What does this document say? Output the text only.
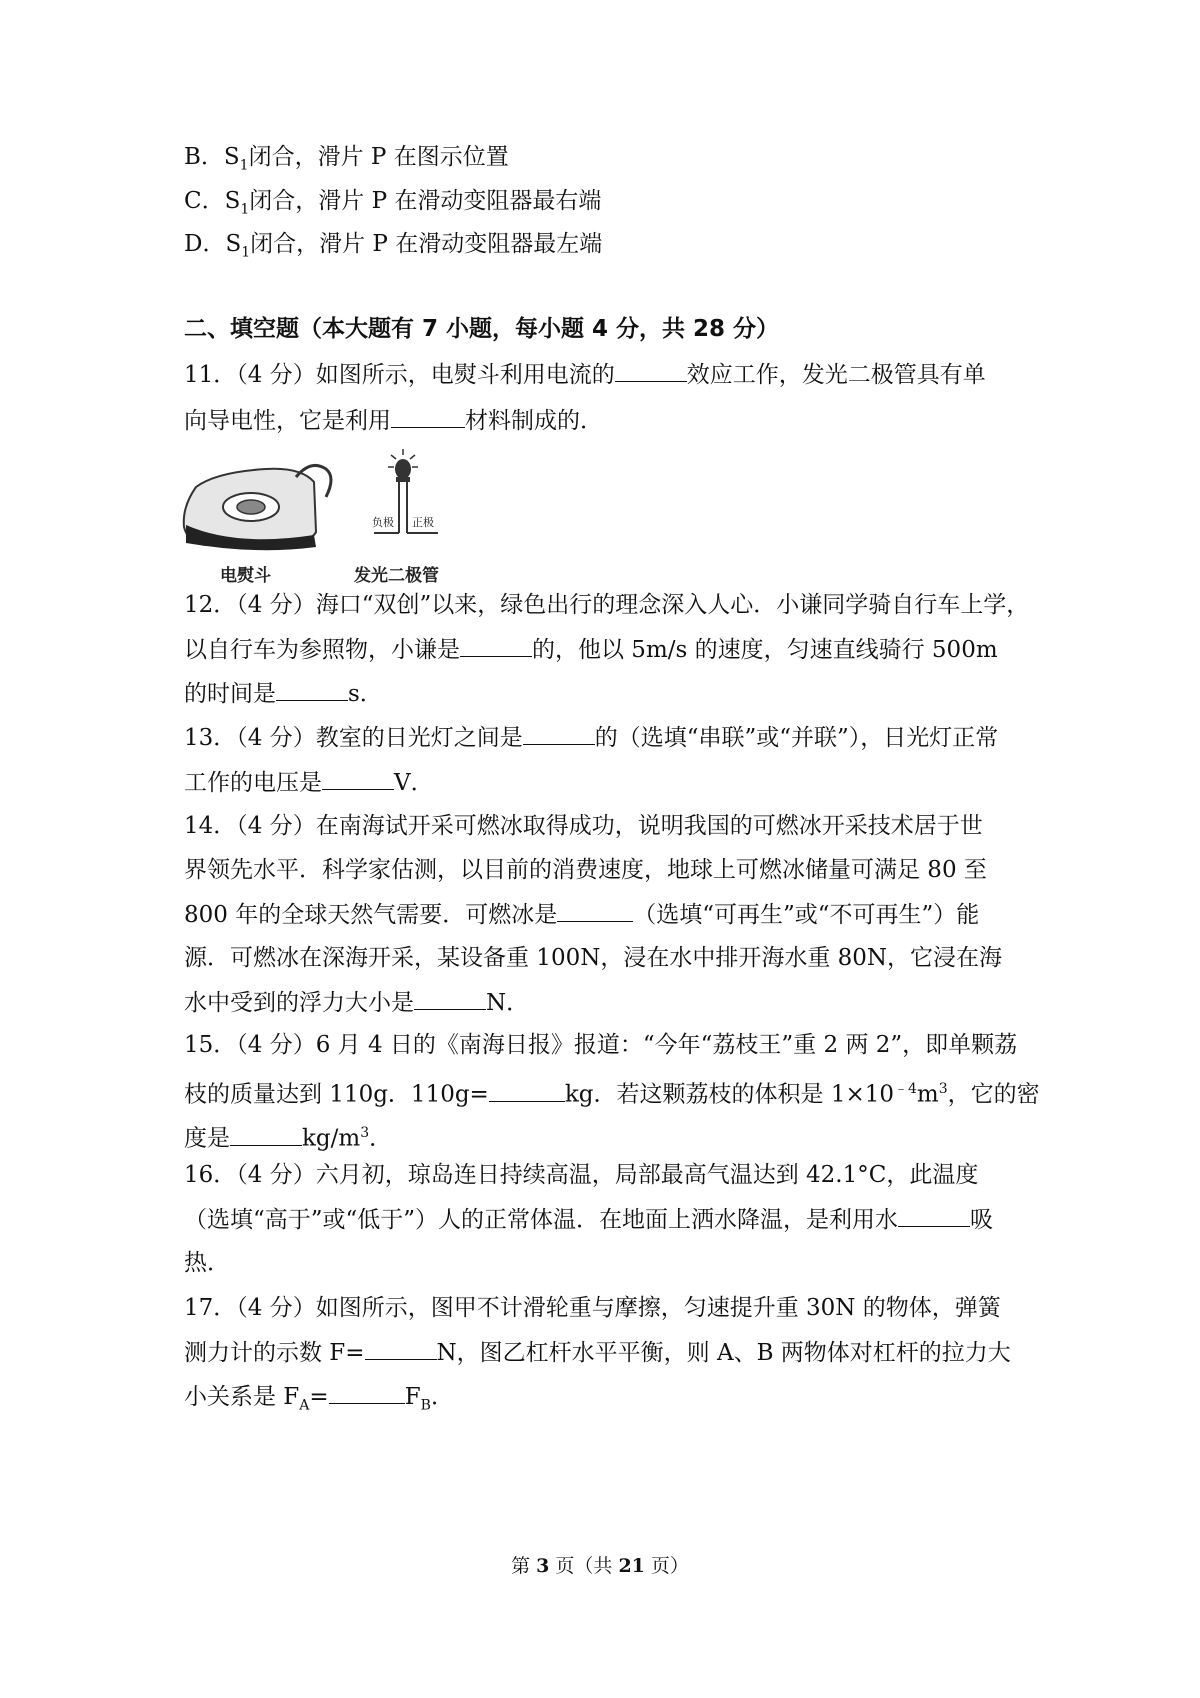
B．$S_1$闭合，滑片 P 在图示位置
C．$S_1$闭合，滑片 P 在滑动变阻器最右端
D．$S_1$闭合，滑片 P 在滑动变阻器最左端
二、填空题（本大题有 7 小题，每小题 4 分，共 28 分）
11．（4 分）如图所示，电熨斗利用电流的	效应工作，发光二极管具有单
向导电性，它是利用	材料制成的．
负极 正极
电熨斗	发光二极管
12．（4 分）海口“双创”以来，绿色出行的理念深入人心．小谦同学骑自行车上学，
以自行车为参照物，小谦是	的，他以 5m/s 的速度，匀速直线骑行 500m
的时间是	s．
13．（4 分）教室的日光灯之间是	的（选填“串联”或“并联”），日光灯正常
工作的电压是	V．
14．（4 分）在南海试开采可燃冰取得成功，说明我国的可燃冰开采技术居于世
界领先水平．科学家估测，以目前的消费速度，地球上可燃冰储量可满足 80 至
800 年的全球天然气需要．可燃冰是	（选填“可再生”或“不可再生”）能
源．可燃冰在深海开采，某设备重 100N，浸在水中排开海水重 80N，它浸在海
水中受到的浮力大小是	N．
15．（4 分）6 月 4 日的《南海日报》报道：“今年“荔枝王”重 2 两 2”，即单颗荔
枝的质量达到 110g．110g=	kg．若这颗荔枝的体积是 $1\times 10^{﹣4}m^3$，它的密
度是	$kg/m^3$．
16．（4 分）六月初，琼岛连日持续高温，局部最高气温达到 42.1°C，此温度
（选填“高于”或“低于”）人的正常体温．在地面上洒水降温，是利用水	吸
热．
17．（4 分）如图所示，图甲不计滑轮重与摩擦，匀速提升重 30N 的物体，弹簧
测力计的示数 F=	N，图乙杠杆水平平衡，则 A、B 两物体对杠杆的拉力大
小关系是 $F_A=$	$F_B$．
第 3 页（共 21 页）
